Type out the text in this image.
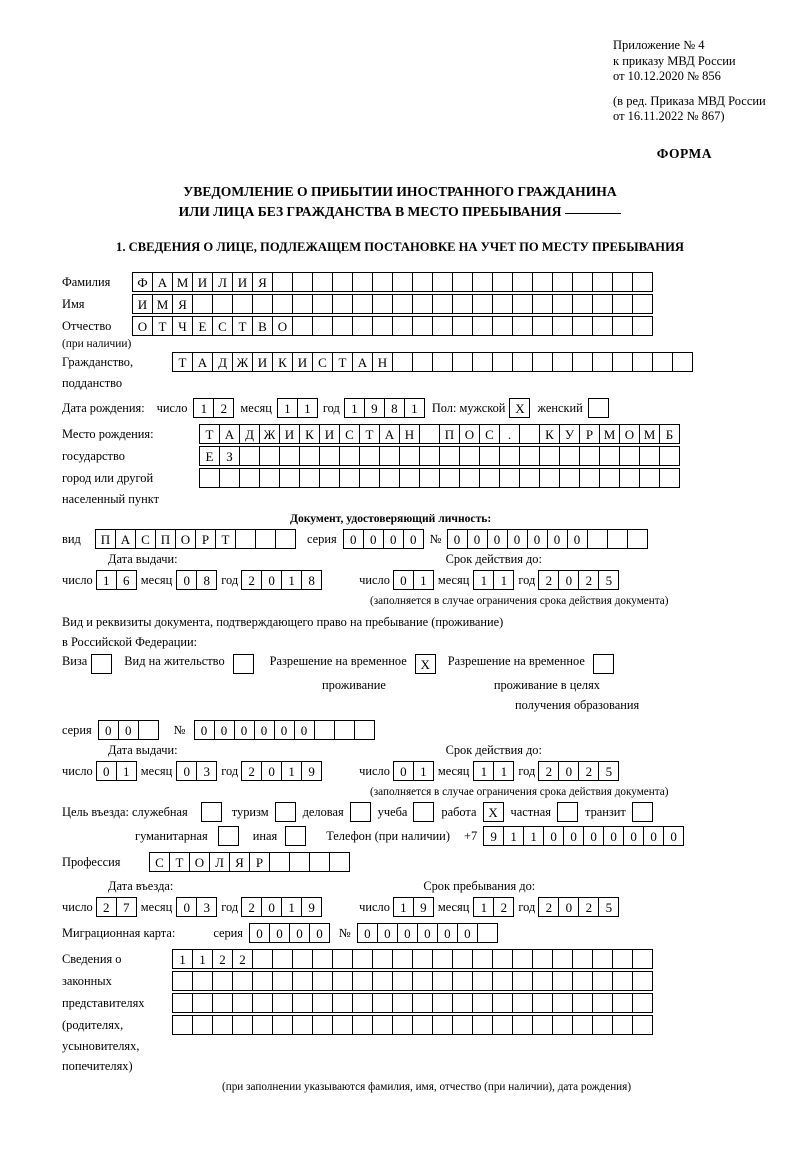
Приложение № 4
к приказу МВД России
от 10.12.2020 № 856
(в ред. Приказа МВД России
от 16.11.2022 № 867)
ФОРМА
УВЕДОМЛЕНИЕ О ПРИБЫТИИ ИНОСТРАННОГО ГРАЖДАНИНА
ИЛИ ЛИЦА БЕЗ ГРАЖДАНСТВА В МЕСТО ПРЕБЫВАНИЯ
1. СВЕДЕНИЯ О ЛИЦЕ, ПОДЛЕЖАЩЕМ ПОСТАНОВКЕ НА УЧЕТ ПО МЕСТУ ПРЕБЫВАНИЯ
Фамилия	Ф А М И Л И Я
Имя	И М Я
Отчество	О Т Ч Е С Т В О
(при наличии)
Гражданство,	Т А Д Ж И К И С Т А Н
подданство
Дата рождения: число	1	2	месяц 1	1 год 1	9	8	1	Пол: мужской Х	женский
Место рождения:	Т А Д Ж И К И С Т А Н	П О С	.	К У Р М О М Б
государство	Е З
город или другой
населенный пункт
Документ, удостоверяющий личность:
вид	П А С П О Р Т	серия	0	0	0	0	№ 0	0	0	0	0	0	0
Дата выдачи:	Срок действия до:
число 1	6 месяц 0	8 год 2	0	1	8	число 0	1 месяц 1	1 год 2	0	2	5
(заполняется в случае ограничения срока действия документа)
Вид и реквизиты документа, подтверждающего право на пребывание (проживание)
в Российской Федерации:
Виза	Вид на жительство	Разрешение на временное	Х	Разрешение на временное
проживание	проживание в целях
получения образования
серия	0	0	№	0	0	0	0	0	0
Дата выдачи:	Срок действия до:
число 0	1 месяц 0	3 год 2	0	1	9	число 0	1 месяц 1	1 год 2	0	2	5
(заполняется в случае ограничения срока действия документа)
Цель въезда: служебная	туризм	деловая	учеба	работа Х	частная	транзит
гуманитарная	иная	Телефон (при наличии) +7	9	1	1	0	0	0	0	0	0	0
Профессия	С Т О Л Я Р
Дата въезда:	Срок пребывания до:
число 2	7 месяц 0	3 год 2	0	1	9	число 1	9 месяц 1	2 год 2	0	2	5
Миграционная карта:	серия	0	0	0	0	№	0	0	0	0	0	0
Сведения о	1	1	2	2
законных
представителях
(родителях,
усыновителях,
попечителях)
(при заполнении указываются фамилия, имя, отчество (при наличии), дата рождения)
